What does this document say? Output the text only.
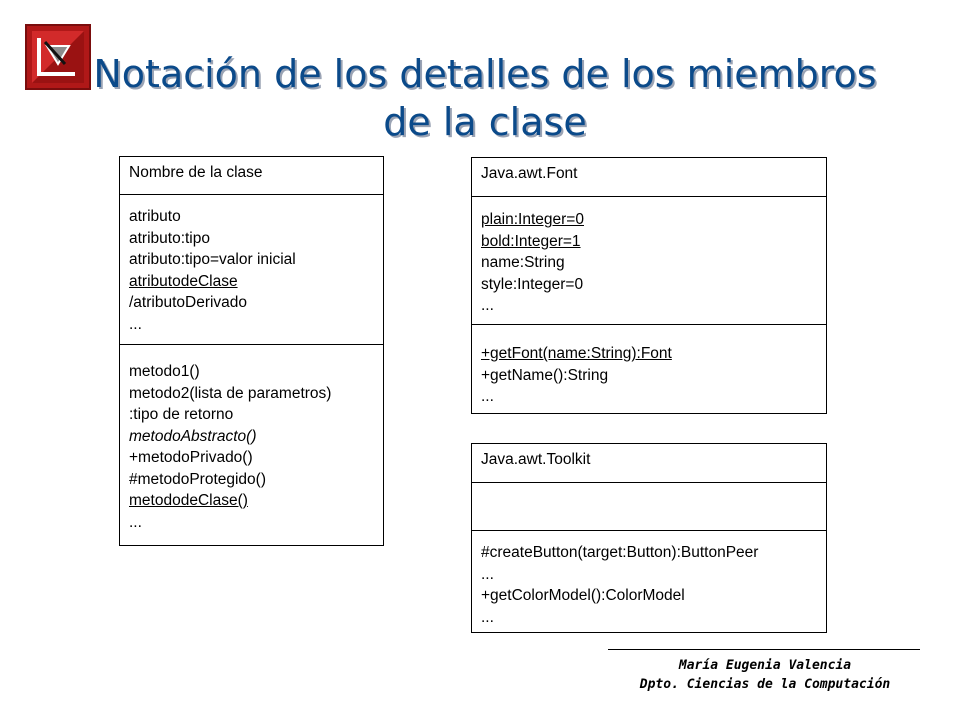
Notación de los detalles de los miembros
de la clase
Nombre de la clase
atributo
atributo:tipo
atributo:tipo=valor inicial
atributodeClase
/atributoDerivado
...
metodo1()
metodo2(lista de parametros)
:tipo de retorno
metodoAbstracto()
+metodoPrivado()
#metodoProtegido()
metododeClase()
...
Java.awt.Font
plain:Integer=0
bold:Integer=1
name:String
style:Integer=0
...
+getFont(name:String):Font
+getName():String
...
Java.awt.Toolkit
#createButton(target:Button):ButtonPeer
...
+getColorModel():ColorModel
...
María Eugenia Valencia
Dpto. Ciencias de la Computación
